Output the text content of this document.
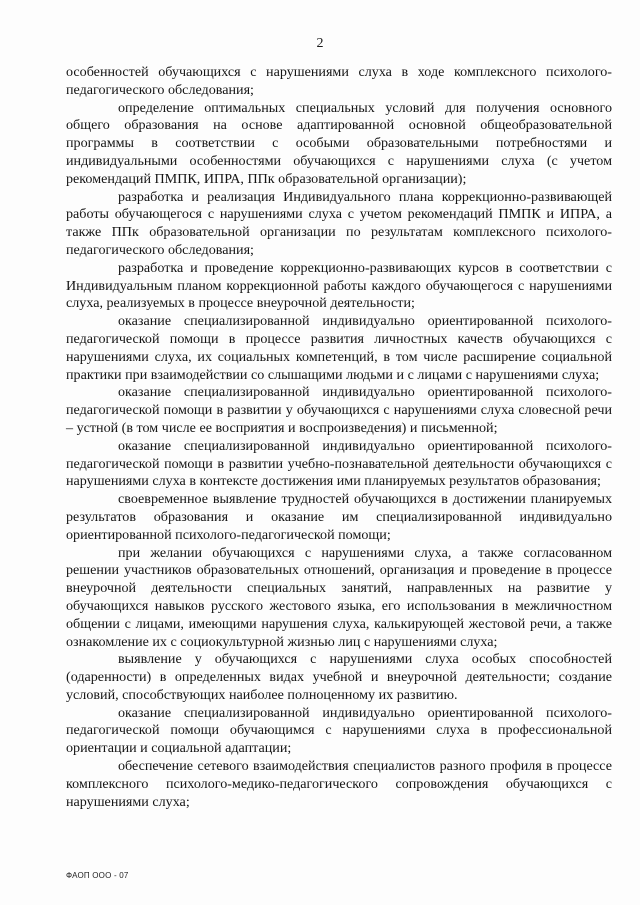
2

особенностей обучающихся с нарушениями слуха в ходе комплексного психолого-педагогического обследования;

определение оптимальных специальных условий для получения основного общего образования на основе адаптированной основной общеобразовательной программы в соответствии с особыми образовательными потребностями и индивидуальными особенностями обучающихся с нарушениями слуха (с учетом рекомендаций ПМПК, ИПРА, ППк образовательной организации);

разработка и реализация Индивидуального плана коррекционно-развивающей работы обучающегося с нарушениями слуха с учетом рекомендаций ПМПК и ИПРА, а также ППк образовательной организации по результатам комплексного психолого-педагогического обследования;

разработка и проведение коррекционно-развивающих курсов в соответствии с Индивидуальным планом коррекционной работы каждого обучающегося с нарушениями слуха, реализуемых в процессе внеурочной деятельности;

оказание специализированной индивидуально ориентированной психолого-педагогической помощи в процессе развития личностных качеств обучающихся с нарушениями слуха, их социальных компетенций, в том числе расширение социальной практики при взаимодействии со слышащими людьми и с лицами с нарушениями слуха;

оказание специализированной индивидуально ориентированной психолого-педагогической помощи в развитии у обучающихся с нарушениями слуха словесной речи – устной (в том числе ее восприятия и воспроизведения) и письменной;

оказание специализированной индивидуально ориентированной психолого-педагогической помощи в развитии учебно-познавательной деятельности обучающихся с нарушениями слуха в контексте достижения ими планируемых результатов образования;

своевременное выявление трудностей обучающихся в достижении планируемых результатов образования и оказание им специализированной индивидуально ориентированной психолого-педагогической помощи;

при желании обучающихся с нарушениями слуха, а также согласованном решении участников образовательных отношений, организация и проведение в процессе внеурочной деятельности специальных занятий, направленных на развитие у обучающихся навыков русского жестового языка, его использования в межличностном общении с лицами, имеющими нарушения слуха, калькирующей жестовой речи, а также ознакомление их с социокультурной жизнью лиц с нарушениями слуха;

выявление у обучающихся с нарушениями слуха особых способностей (одаренности) в определенных видах учебной и внеурочной деятельности; создание условий, способствующих наиболее полноценному их развитию.

оказание специализированной индивидуально ориентированной психолого-педагогической помощи обучающимся с нарушениями слуха в профессиональной ориентации и социальной адаптации;

обеспечение сетевого взаимодействия специалистов разного профиля в процессе комплексного психолого-медико-педагогического сопровождения обучающихся с нарушениями слуха;

ФАОП ООО - 07
